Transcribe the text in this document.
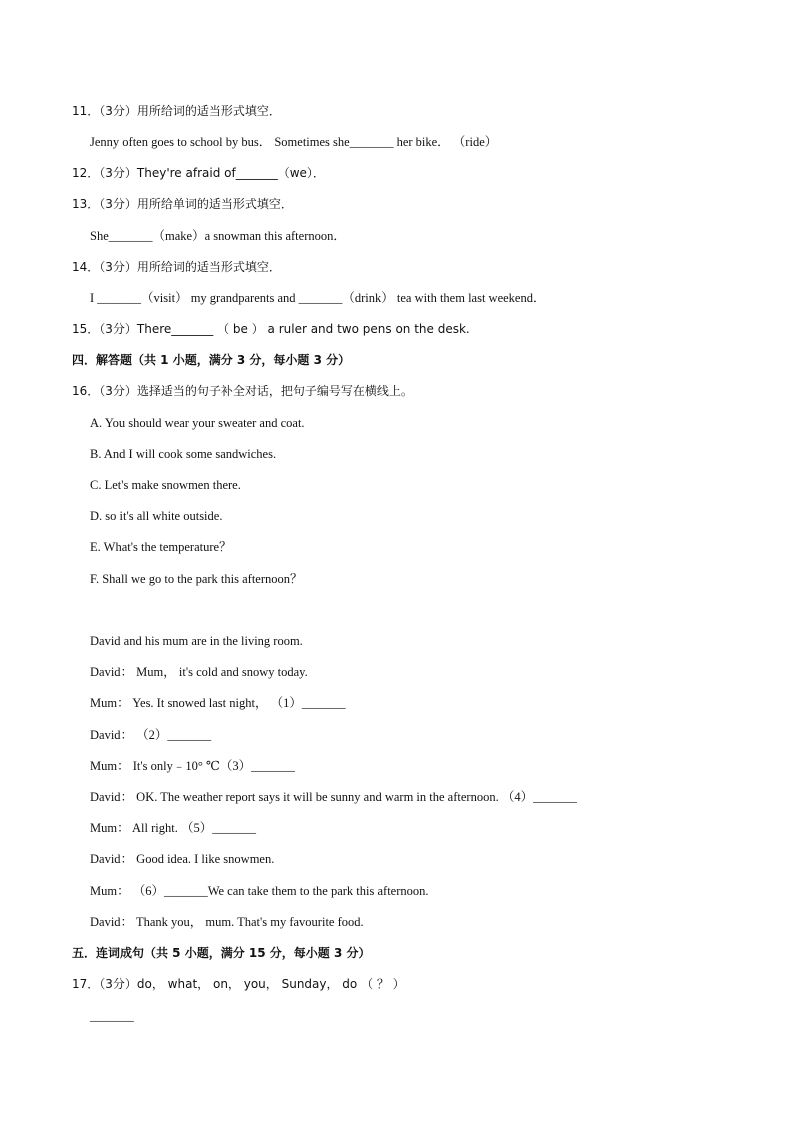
11．（3分）用所给词的适当形式填空．
Jenny often goes to school by bus． Sometimes she_______ her bike． （ride）
12．（3分）They're afraid of_______（we）．
13．（3分）用所给单词的适当形式填空．
She_______（make）a snowman this afternoon．
14．（3分）用所给词的适当形式填空．
I _______（visit） my grandparents and _______（drink） tea with them last weekend．
15．（3分）There_______ （ be ） a ruler and two pens on the desk.
四．解答题（共 1 小题，满分 3 分，每小题 3 分）
16．（3分）选择适当的句子补全对话，把句子编号写在横线上。
A. You should wear your sweater and coat.
B. And I will cook some sandwiches.
C. Let's make snowmen there.
D. so it's all white outside.
E. What's the temperature？
F. Shall we go to the park this afternoon？
David and his mum are in the living room.
David： Mum， it's cold and snowy today.
Mum： Yes. It snowed last night， （1）_______
David： （2）_______
Mum： It's only﹣10° ℃（3）_______
David： OK. The weather report says it will be sunny and warm in the afternoon. （4）_______
Mum： All right. （5）_______
David： Good idea. I like snowmen.
Mum： （6）_______We can take them to the park this afternoon.
David： Thank you， mum. That's my favourite food.
五．连词成句（共 5 小题，满分 15 分，每小题 3 分）
17．（3分）do， what， on， you， Sunday， do （ ？ ）
_______
